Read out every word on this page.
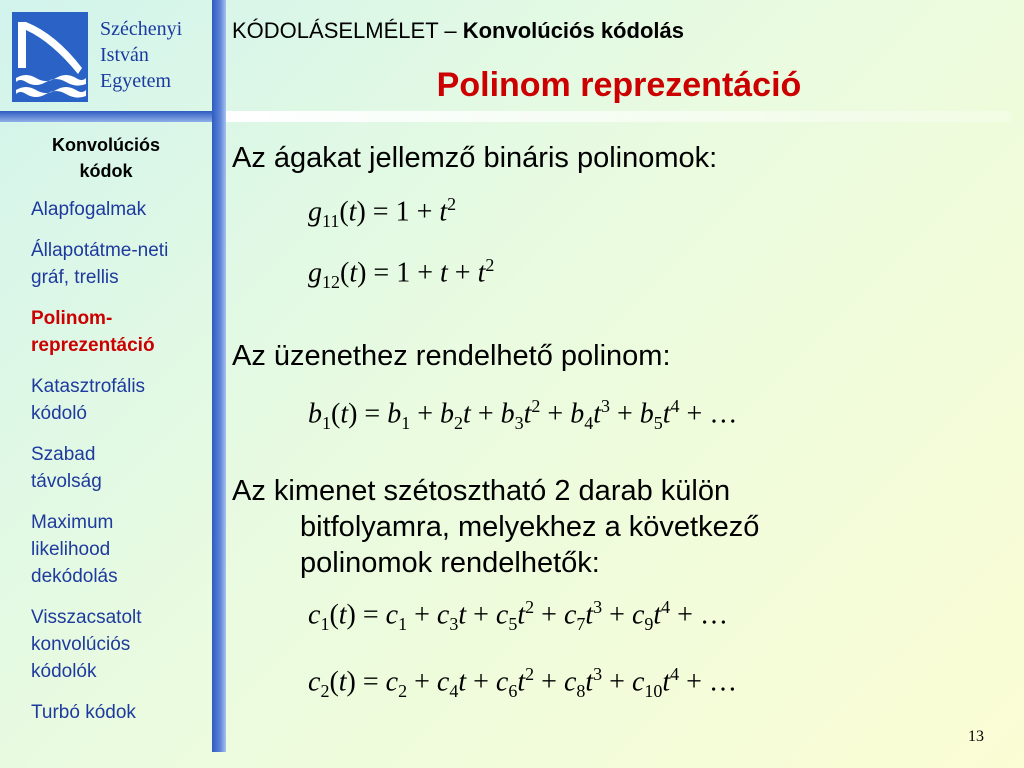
Széchenyi
István
Egyetem
KÓDOLÁSELMÉLET – Konvolúciós kódolás
Polinom reprezentáció
Konvolúciós kódok
Alapfogalmak
Állapotátme-neti gráf, trellis
Polinom-reprezentáció
Katasztrofális kódoló
Szabad távolság
Maximum likelihood dekódolás
Visszacsatolt konvolúciós kódolók
Turbó kódok
Az ágakat jellemző bináris polinomok:
$g_{11}(t) = 1 + t^2$
$g_{12}(t) = 1 + t + t^2$
Az üzenethez rendelhető polinom:
$b_1(t) = b_1 + b_2t + b_3t^2 + b_4t^3 + b_5t^4$ + …
Az kimenet szétosztható 2 darab külön
bitfolyamra, melyekhez a következő
polinomok rendelhetők:
$c_1(t) = c_1 + c_3t + c_5t^2 + c_7t^3 + c_9t^4$ + …
$c_2(t) = c_2 + c_4t + c_6t^2 + c_8t^3 + c_{10}t^4$ + …
13
